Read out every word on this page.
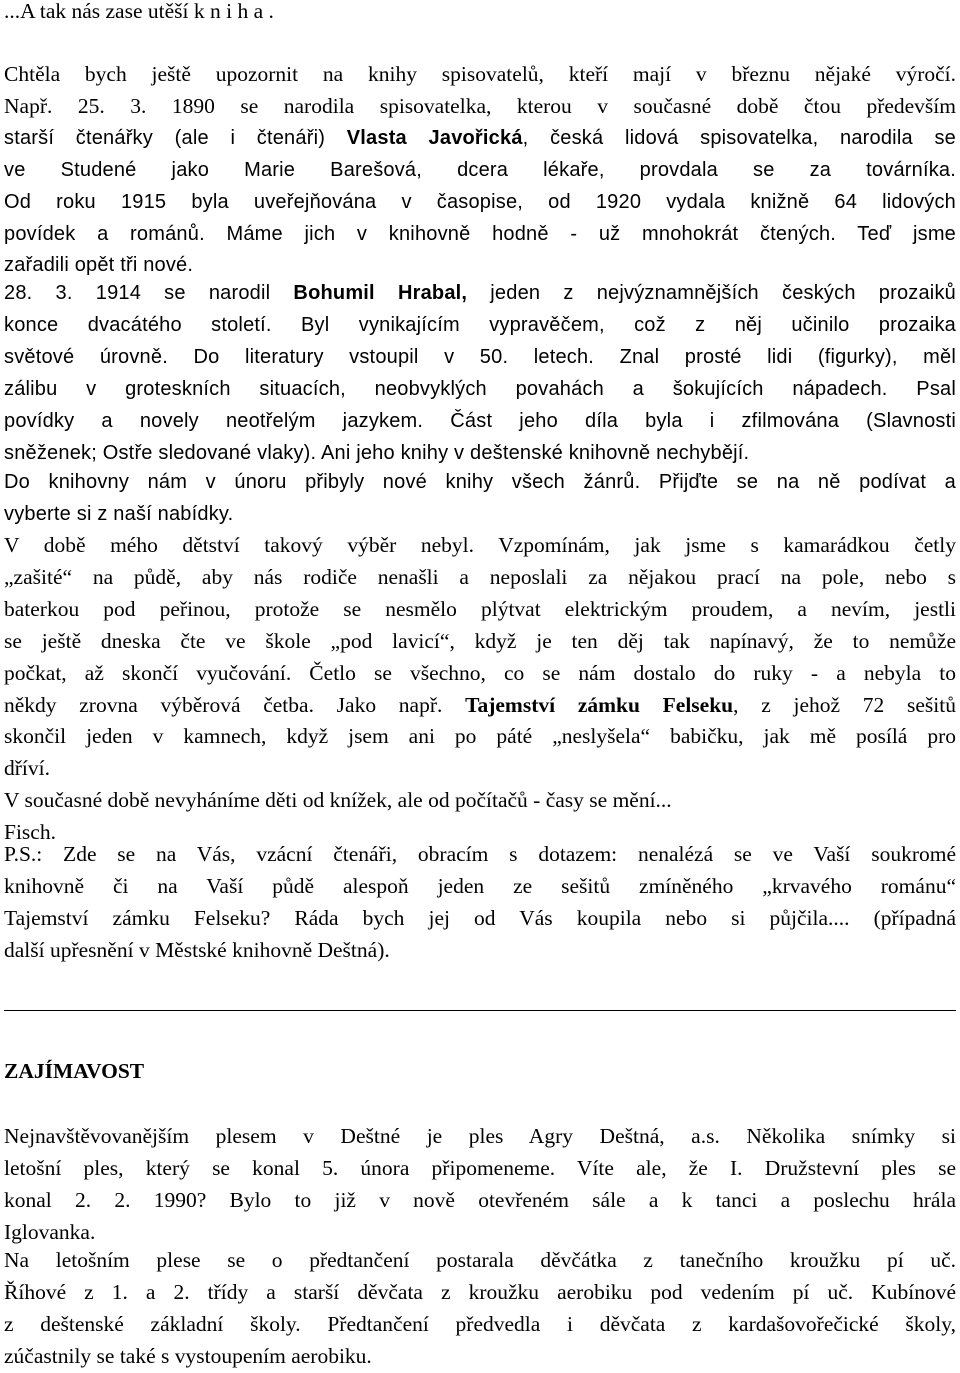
...A tak nás zase utěší k n i h a .

Chtěla bych ještě upozornit na knihy spisovatelů, kteří mají v březnu nějaké výročí.

Např. 25. 3. 1890 se narodila spisovatelka, kterou v současné době čtou především

starší čtenářky (ale i čtenáři) Vlasta Javořická, česká lidová spisovatelka, narodila se

ve Studené jako Marie Barešová, dcera lékaře, provdala se za továrníka.

Od roku 1915 byla uveřejňována v časopise, od 1920 vydala knižně 64 lidových

povídek a románů. Máme jich v knihovně hodně - už mnohokrát čtených. Teď jsme

zařadili opět tři nové.

28. 3. 1914 se narodil Bohumil Hrabal, jeden z nejvýznamnějších českých prozaiků

konce dvacátého století. Byl vynikajícím vypravěčem, což z něj učinilo prozaika

světové úrovně. Do literatury vstoupil v 50. letech. Znal prosté lidi (figurky), měl

zálibu v groteskních situacích, neobvyklých povahách a šokujících nápadech. Psal

povídky a novely neotřelým jazykem. Část jeho díla byla i zfilmována (Slavnosti

sněženek; Ostře sledované vlaky). Ani jeho knihy v deštenské knihovně nechybějí.

Do knihovny nám v únoru přibyly nové knihy všech žánrů. Přijďte se na ně podívat a

vyberte si z naší nabídky.

V době mého dětství takový výběr nebyl. Vzpomínám, jak jsme s kamarádkou četly

„zašité“ na půdě, aby nás rodiče nenašli a neposlali za nějakou prací na pole, nebo s

baterkou pod peřinou, protože se nesmělo plýtvat elektrickým proudem, a nevím, jestli

se ještě dneska čte ve škole „pod lavicí“, když je ten děj tak napínavý, že to nemůže

počkat, až skončí vyučování. Četlo se všechno, co se nám dostalo do ruky - a nebyla to

někdy zrovna výběrová četba. Jako např. Tajemství zámku Felseku, z jehož 72 sešitů

skončil jeden v kamnech, když jsem ani po páté „neslyšela“ babičku, jak mě posílá pro

dříví.

V současné době nevyháníme děti od knížek, ale od počítačů - časy se mění...

Fisch.

P.S.: Zde se na Vás, vzácní čtenáři, obracím s dotazem: nenalézá se ve Vaší soukromé

knihovně či na Vaší půdě alespoň jeden ze sešitů zmíněného „krvavého románu“

Tajemství zámku Felseku? Ráda bych jej od Vás koupila nebo si půjčila.... (případná

další upřesnění v Městské knihovně Deštná).

ZAJÍMAVOST

Nejnavštěvovanějším plesem v Deštné je ples Agry Deštná, a.s. Několika snímky si

letošní ples, který se konal 5. února připomeneme. Víte ale, že I. Družstevní ples se

konal 2. 2. 1990? Bylo to již v nově otevřeném sále a k tanci a poslechu hrála

Iglovanka.

Na letošním plese se o předtančení postarala děvčátka z tanečního kroužku pí uč.

Říhové z 1. a 2. třídy a starší děvčata z kroužku aerobiku pod vedením pí uč. Kubínové

z deštenské základní školy. Předtančení předvedla i děvčata z kardašovořečické školy,

zúčastnily se také s vystoupením aerobiku.
